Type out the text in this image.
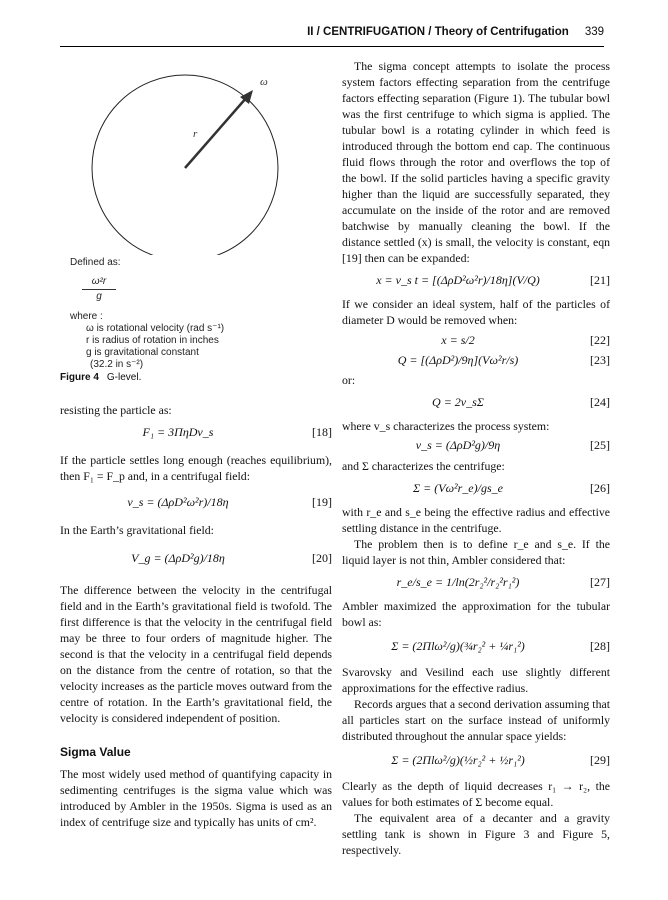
II / CENTRIFUGATION / Theory of Centrifugation 339
ω
r
Defined as:
ω²r
g
where :
ω is rotational velocity (rad s⁻¹)
r is radius of rotation in inches
g is gravitational constant
(32.2 in s⁻²)
Figure 4 G-level.

resisting the particle as:

F₁ = 3ΠηDv_s	[18]

If the particle settles long enough (reaches equilibrium), then F₁ = F_p and, in a centrifugal field:

v_s = (ΔρD²ω²r)/18η	[19]

In the Earth’s gravitational field:

V_g = (ΔρD²g)/18η	[20]

The difference between the velocity in the centrifugal field and in the Earth’s gravitational field is twofold. The first difference is that the velocity in the centrifugal field may be three to four orders of magnitude higher. The second is that the velocity in a centrifugal field depends on the distance from the centre of rotation, so that the velocity increases as the particle moves outward from the centre of rotation. In the Earth’s gravitational field, the velocity is considered independent of position.

Sigma Value

The most widely used method of quantifying capacity in sedimenting centrifuges is the sigma value which was introduced by Ambler in the 1950s. Sigma is used as an index of centrifuge size and typically has units of cm².

The sigma concept attempts to isolate the process system factors effecting separation from the centrifuge factors effecting separation (Figure 1). The tubular bowl was the first centrifuge to which sigma is applied. The tubular bowl is a rotating cylinder in which feed is introduced through the bottom end cap. The continuous fluid flows through the rotor and overflows the top of the bowl. If the solid particles having a specific gravity higher than the liquid are successfully separated, they accumulate on the inside of the rotor and are removed batchwise by manually cleaning the bowl. If the distance settled (x) is small, the velocity is constant, eqn [19] then can be expanded:

x = v_s t = [(ΔρD²ω²r)/18η](V/Q)	[21]

If we consider an ideal system, half of the particles of diameter D would be removed when:

x = s/2	[22]
Q = [(ΔρD²)/9η](Vω²r/s)	[23]

or:

Q = 2v_sΣ	[24]

where v_s characterizes the process system:

v_s = (ΔρD²g)/9η	[25]

and Σ characterizes the centrifuge:

Σ = (Vω²r_e)/gs_e	[26]

with r_e and s_e being the effective radius and effective settling distance in the centrifuge.

The problem then is to define r_e and s_e. If the liquid layer is not thin, Ambler considered that:

r_e/s_e = 1/ln(2r₂²/r₂²r₁²)	[27]

Ambler maximized the approximation for the tubular bowl as:

Σ = (2Πlω²/g)(¾r₂² + ¼r₁²)	[28]

Svarovsky and Vesilind each use slightly different approximations for the effective radius.

Records argues that a second derivation assuming that all particles start on the surface instead of uniformly distributed throughout the annular space yields:

Σ = (2Πlω²/g)(½r₂² + ½r₁²)	[29]

Clearly as the depth of liquid decreases r₁ → r₂, the values for both estimates of Σ become equal.

The equivalent area of a decanter and a gravity settling tank is shown in Figure 3 and Figure 5, respectively.
